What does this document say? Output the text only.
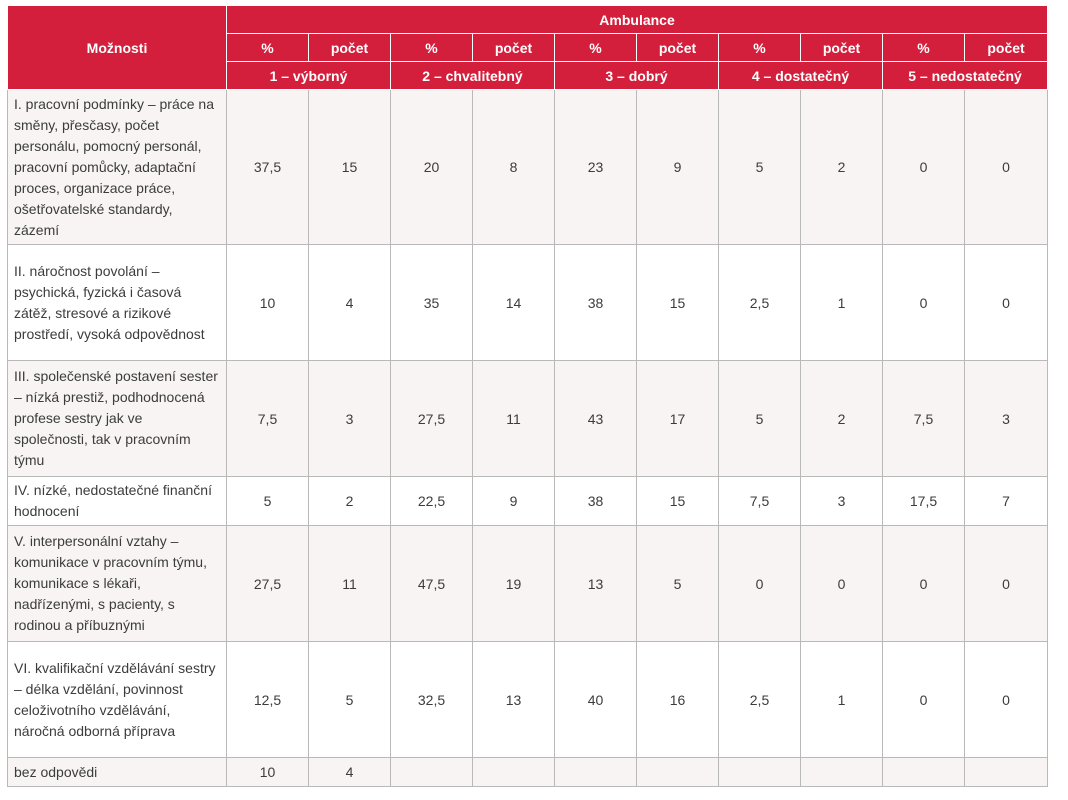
Možnosti	Ambulance									
	%	počet	%	počet	%	počet	%	počet	%	počet
	1 – výborný		2 – chvalitebný		3 – dobrý		4 – dostatečný		5 – nedostatečný	
I. pracovní podmínky – práce na směny, přesčasy, počet personálu, pomocný personál, pracovní pomůcky, adaptační proces, organizace práce, ošetřovatelské standardy, zázemí	37,5	15	20	8	23	9	5	2	0	0
II. náročnost povolání – psychická, fyzická i časová zátěž, stresové a rizikové prostředí, vysoká odpovědnost	10	4	35	14	38	15	2,5	1	0	0
III. společenské postavení sester – nízká prestiž, podhodnocená profese sestry jak ve společnosti, tak v pracovním týmu	7,5	3	27,5	11	43	17	5	2	7,5	3
IV. nízké, nedostatečné finanční hodnocení	5	2	22,5	9	38	15	7,5	3	17,5	7
V. interpersonální vztahy – komunikace v pracovním týmu, komunikace s lékaři, nadřízenými, s pacienty, s rodinou a příbuznými	27,5	11	47,5	19	13	5	0	0	0	0
VI. kvalifikační vzdělávání sestry – délka vzdělání, povinnost celoživotního vzdělávání, náročná odborná příprava	12,5	5	32,5	13	40	16	2,5	1	0	0
bez odpovědi	10	4								
